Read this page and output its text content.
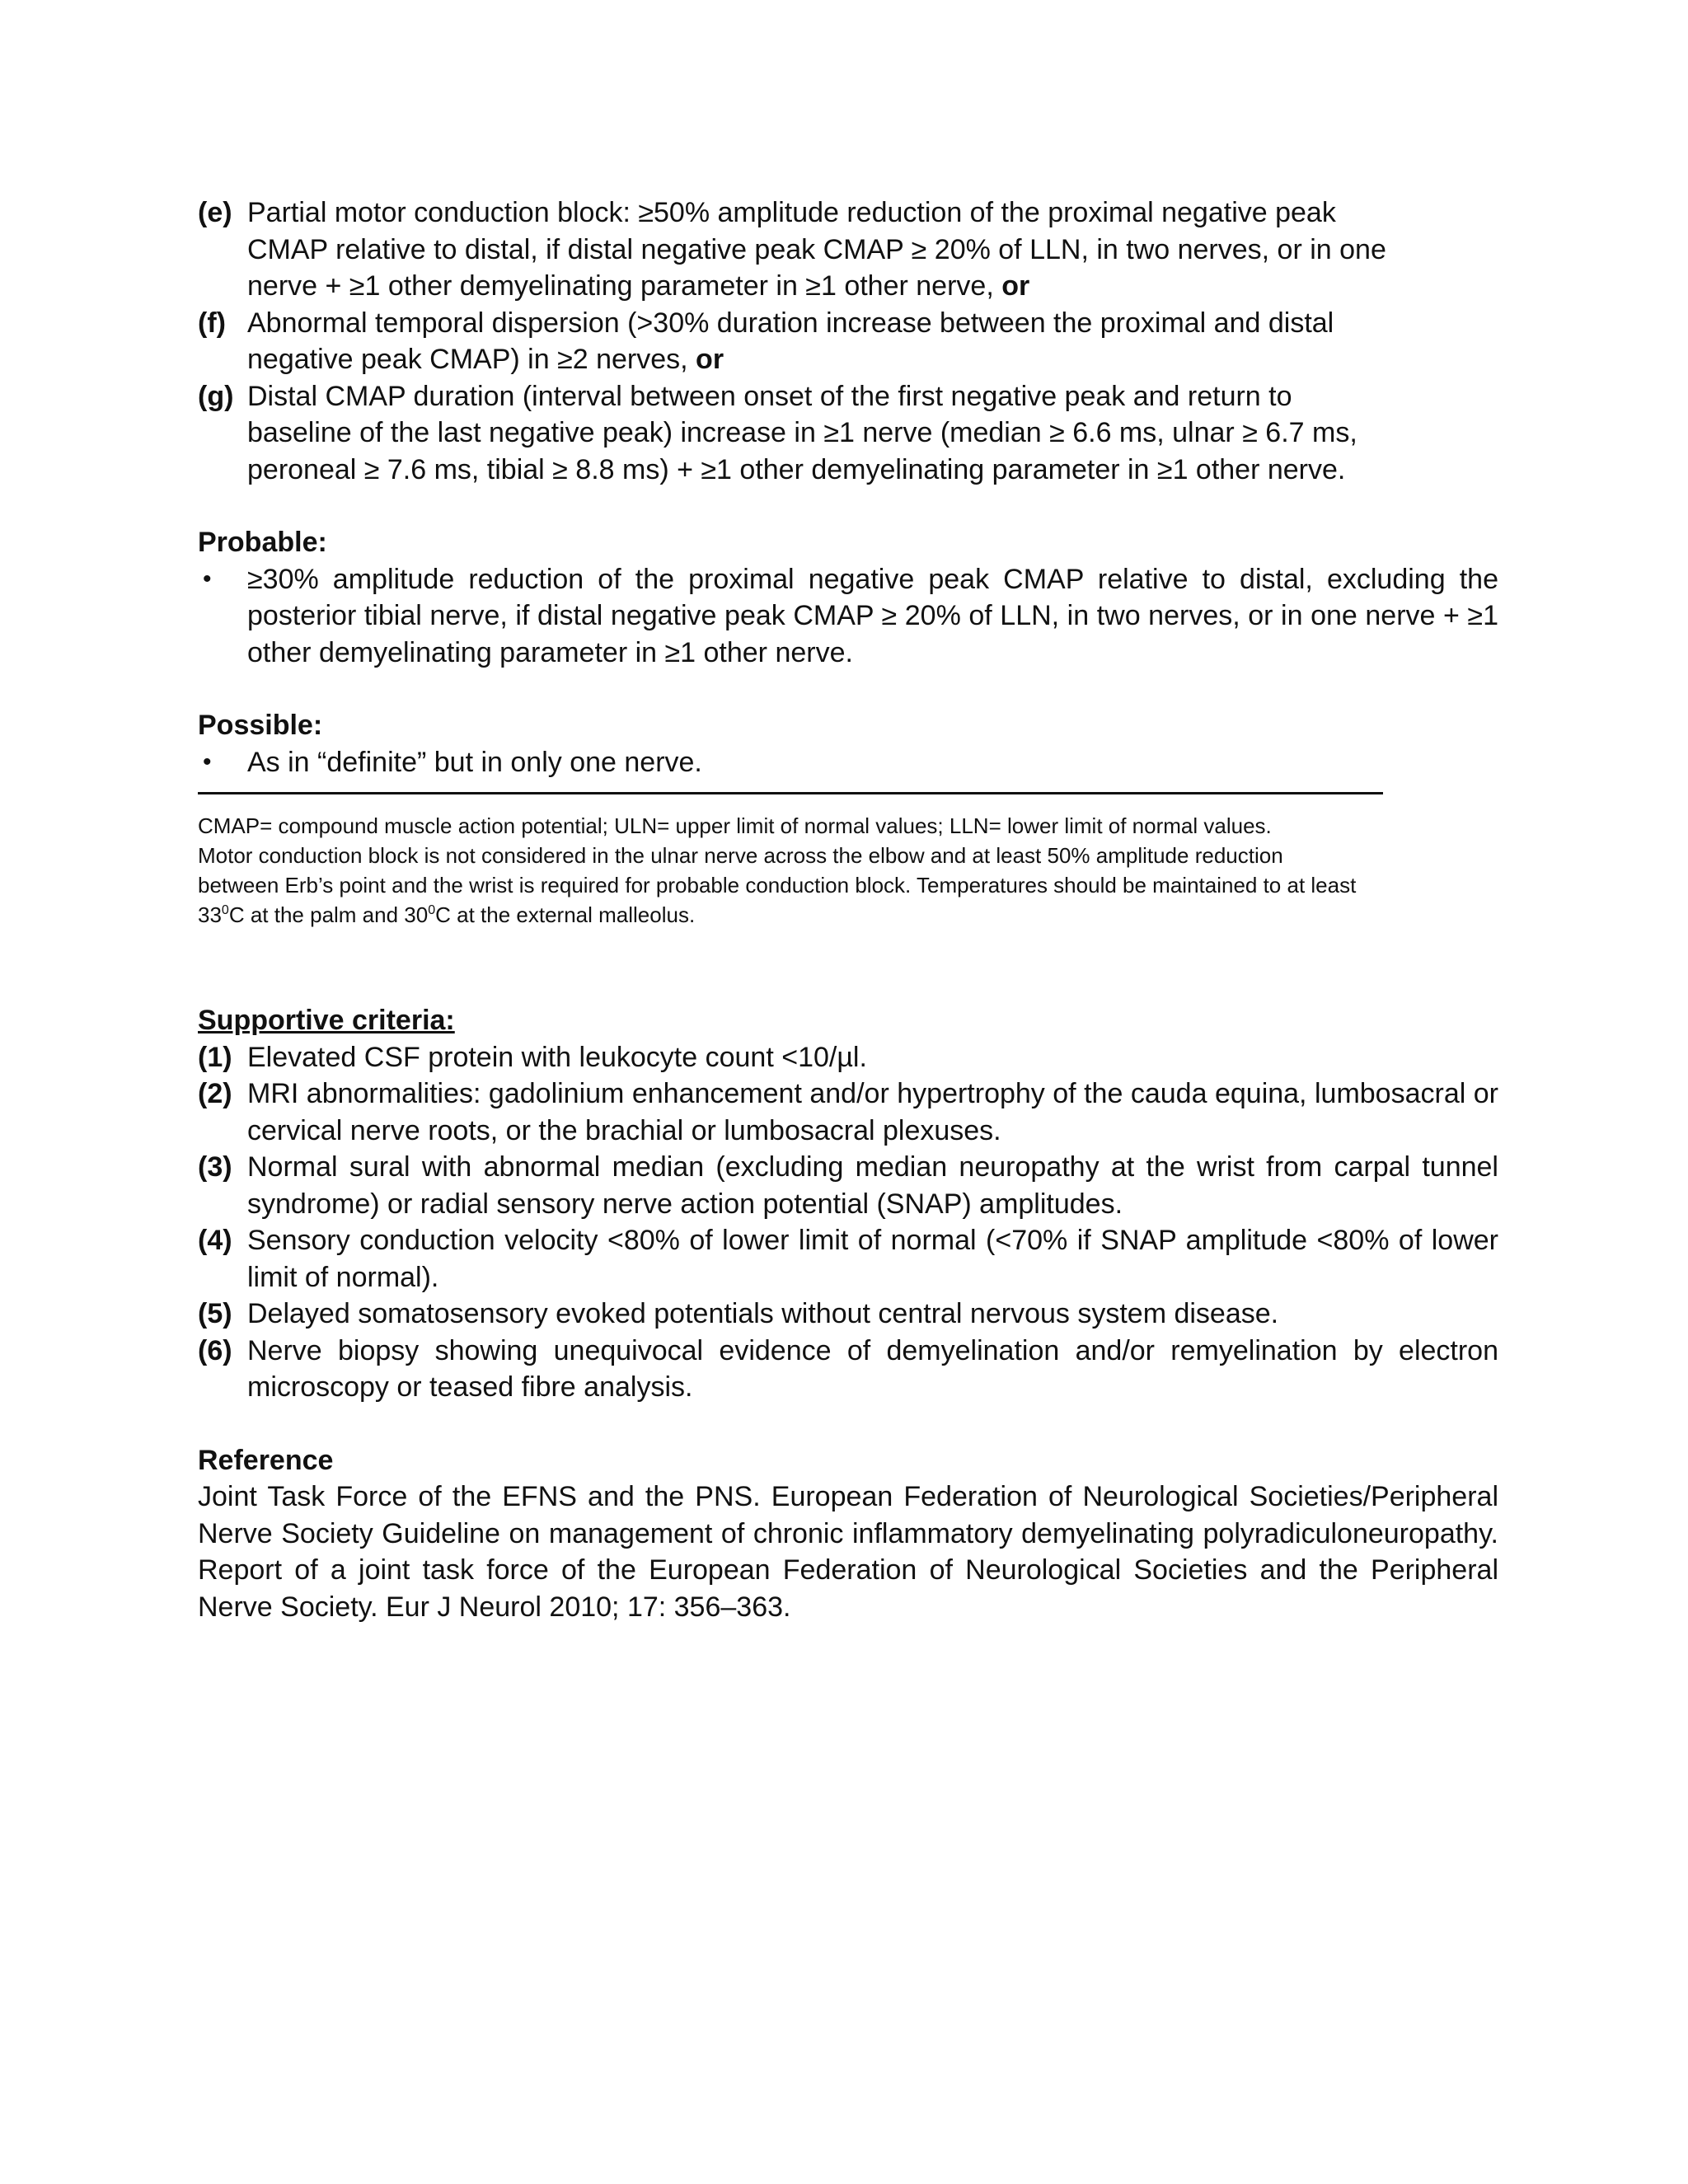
(e) Partial motor conduction block: ≥50% amplitude reduction of the proximal negative peak CMAP relative to distal, if distal negative peak CMAP ≥ 20% of LLN, in two nerves, or in one nerve + ≥1 other demyelinating parameter in ≥1 other nerve, or
(f) Abnormal temporal dispersion (>30% duration increase between the proximal and distal negative peak CMAP) in ≥2 nerves, or
(g) Distal CMAP duration (interval between onset of the first negative peak and return to baseline of the last negative peak) increase in ≥1 nerve (median ≥ 6.6 ms, ulnar ≥ 6.7 ms, peroneal ≥ 7.6 ms, tibial ≥ 8.8 ms) + ≥1 other demyelinating parameter in ≥1 other nerve.
Probable:
•	≥30% amplitude reduction of the proximal negative peak CMAP relative to distal, excluding the posterior tibial nerve, if distal negative peak CMAP ≥ 20% of LLN, in two nerves, or in one nerve + ≥1 other demyelinating parameter in ≥1 other nerve.
Possible:
•	As in “definite” but in only one nerve.

CMAP= compound muscle action potential; ULN= upper limit of normal values; LLN= lower limit of normal values.

Motor conduction block is not considered in the ulnar nerve across the elbow and at least 50% amplitude reduction

between Erb’s point and the wrist is required for probable conduction block. Temperatures should be maintained to at least

$33^0C$ at the palm and $30^0C$ at the external malleolus.

Supportive criteria:
(1) Elevated CSF protein with leukocyte count <10/µl.
(2) MRI abnormalities: gadolinium enhancement and/or hypertrophy of the cauda equina, lumbosacral or cervical nerve roots, or the brachial or lumbosacral plexuses.
(3) Normal sural with abnormal median (excluding median neuropathy at the wrist from carpal tunnel syndrome) or radial sensory nerve action potential (SNAP) amplitudes.
(4) Sensory conduction velocity <80% of lower limit of normal (<70% if SNAP amplitude <80% of lower limit of normal).
(5) Delayed somatosensory evoked potentials without central nervous system disease.
(6) Nerve biopsy showing unequivocal evidence of demyelination and/or remyelination by electron microscopy or teased fibre analysis.
Reference
Joint Task Force of the EFNS and the PNS. European Federation of Neurological Societies/Peripheral Nerve Society Guideline on management of chronic inflammatory demyelinating polyradiculoneuropathy. Report of a joint task force of the European Federation of Neurological Societies and the Peripheral Nerve Society. Eur J Neurol 2010; 17: 356–363.
